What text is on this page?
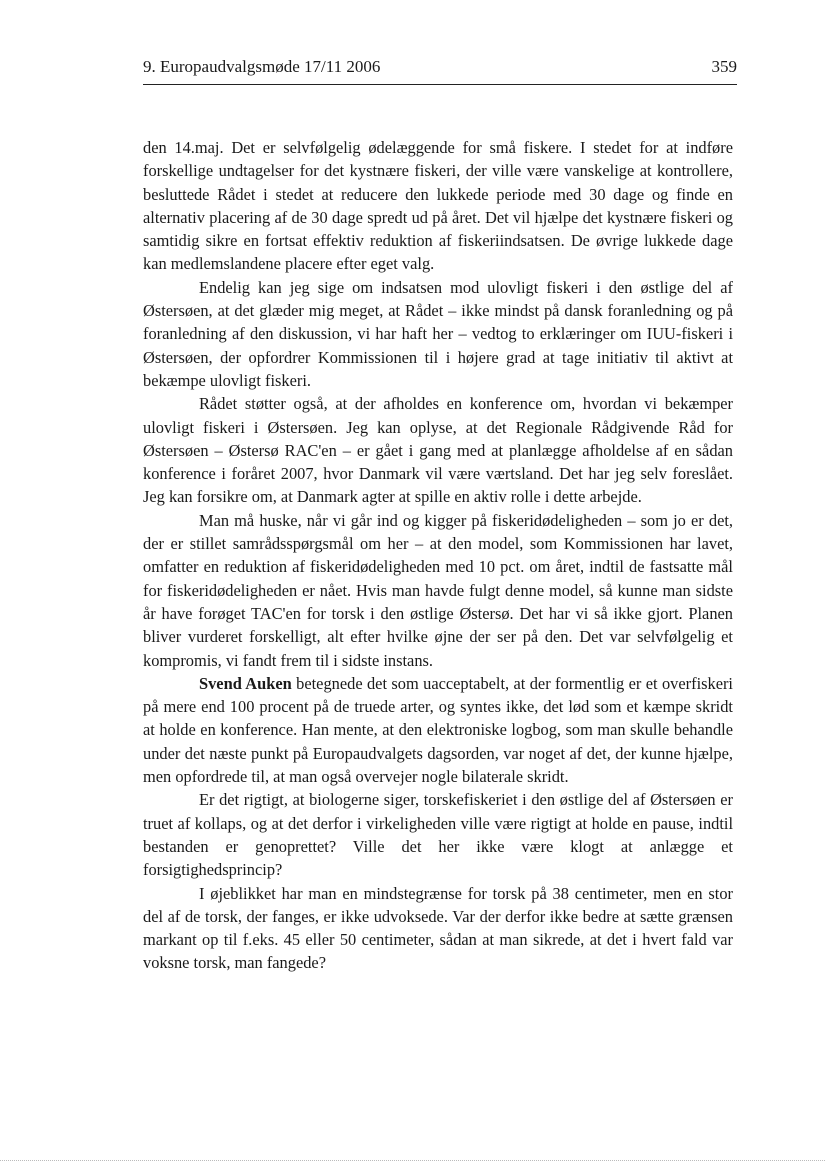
9. Europaudvalgsmøde 17/11 2006	359

den 14.maj. Det er selvfølgelig ødelæggende for små fiskere. I stedet for at indføre forskellige undtagelser for det kystnære fiskeri, der ville være vanskelige at kontrollere, besluttede Rådet i stedet at reducere den lukkede periode med 30 dage og finde en alternativ placering af de 30 dage spredt ud på året. Det vil hjælpe det kystnære fiskeri og samtidig sikre en fortsat effektiv reduktion af fiskeriindsatsen. De øvrige lukkede dage kan medlemslandene placere efter eget valg.

Endelig kan jeg sige om indsatsen mod ulovligt fiskeri i den østlige del af Østersøen, at det glæder mig meget, at Rådet – ikke mindst på dansk foranledning og på foranledning af den diskussion, vi har haft her – vedtog to erklæringer om IUU-fiskeri i Østersøen, der opfordrer Kommissionen til i højere grad at tage initiativ til aktivt at bekæmpe ulovligt fiskeri.

Rådet støtter også, at der afholdes en konference om, hvordan vi bekæmper ulovligt fiskeri i Østersøen. Jeg kan oplyse, at det Regionale Rådgivende Råd for Østersøen – Østersø RAC'en – er gået i gang med at planlægge afholdelse af en sådan konference i foråret 2007, hvor Danmark vil være værtsland. Det har jeg selv foreslået. Jeg kan forsikre om, at Danmark agter at spille en aktiv rolle i dette arbejde.

Man må huske, når vi går ind og kigger på fiskeridødeligheden – som jo er det, der er stillet samrådsspørgsmål om her – at den model, som Kommissionen har lavet, omfatter en reduktion af fiskeridødeligheden med 10 pct. om året, indtil de fastsatte mål for fiskeridødeligheden er nået. Hvis man havde fulgt denne model, så kunne man sidste år have forøget TAC'en for torsk i den østlige Østersø. Det har vi så ikke gjort. Planen bliver vurderet forskelligt, alt efter hvilke øjne der ser på den. Det var selvfølgelig et kompromis, vi fandt frem til i sidste instans.

Svend Auken betegnede det som uacceptabelt, at der formentlig er et overfiskeri på mere end 100 procent på de truede arter, og syntes ikke, det lød som et kæmpe skridt at holde en konference. Han mente, at den elektroniske logbog, som man skulle behandle under det næste punkt på Europaudvalgets dagsorden, var noget af det, der kunne hjælpe, men opfordrede til, at man også overvejer nogle bilaterale skridt.

Er det rigtigt, at biologerne siger, torskefiskeriet i den østlige del af Østersøen er truet af kollaps, og at det derfor i virkeligheden ville være rigtigt at holde en pause, indtil bestanden er genoprettet? Ville det her ikke være klogt at anlægge et forsigtighedsprincip?

I øjeblikket har man en mindstegrænse for torsk på 38 centimeter, men en stor del af de torsk, der fanges, er ikke udvoksede. Var der derfor ikke bedre at sætte grænsen markant op til f.eks. 45 eller 50 centimeter, sådan at man sikrede, at det i hvert fald var voksne torsk, man fangede?
